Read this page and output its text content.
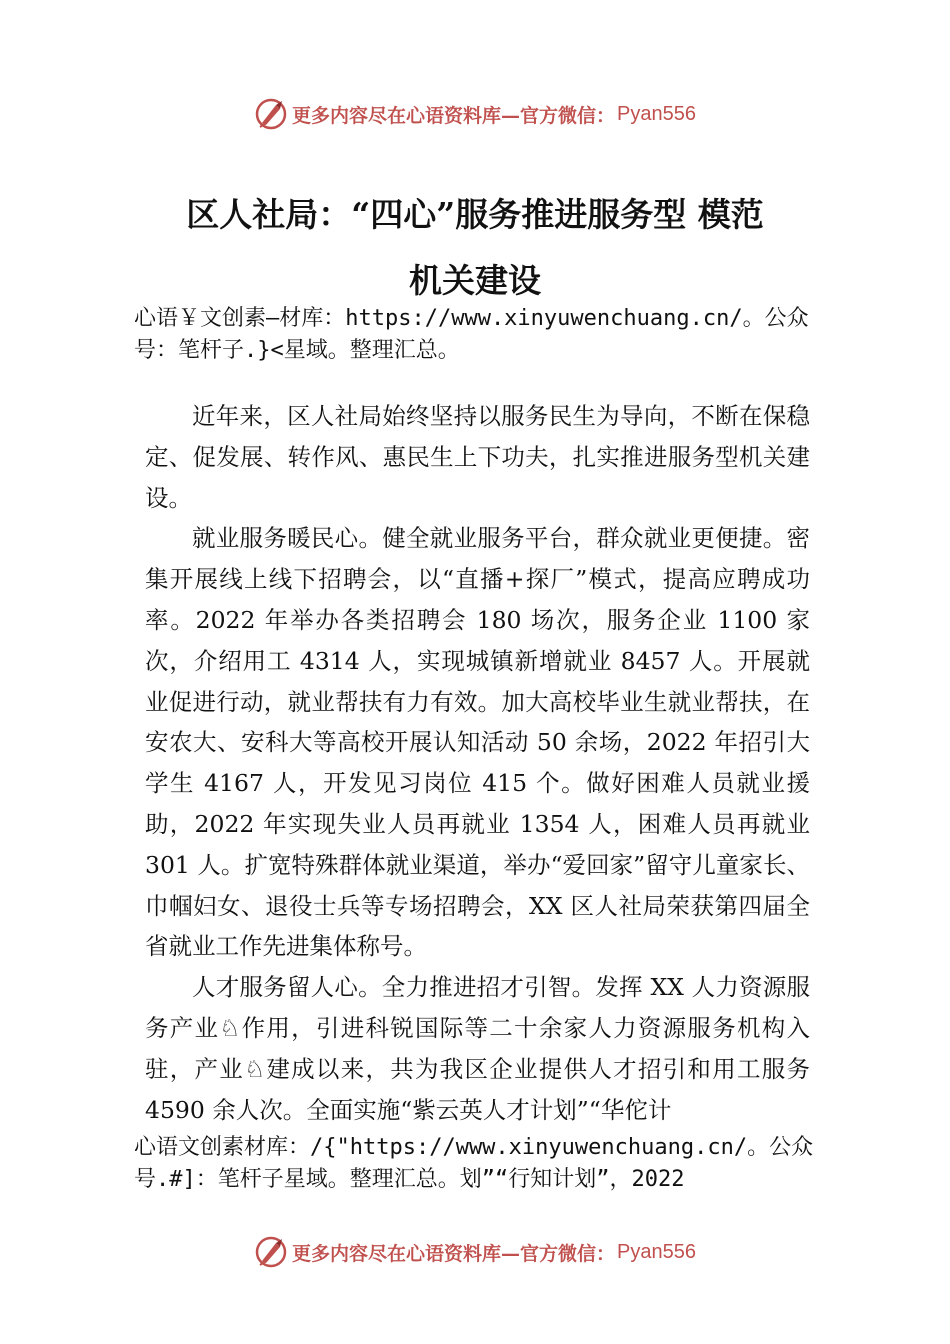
更多内容尽在心语资料库—官方微信： Pyan556
区人社局：“四心”服务推进服务型 模范
机关建设
心语￥文创素—材库：https://www.xinyuwenchuang.cn/。公众号：笔杆子.}<星域。整理汇总。

近年来，区人社局始终坚持以服务民生为导向，不断在保稳定、促发展、转作风、惠民生上下功夫，扎实推进服务型机关建设。

就业服务暖民心。健全就业服务平台，群众就业更便捷。密集开展线上线下招聘会，以“直播+探厂”模式，提高应聘成功率。2022 年举办各类招聘会 180 场次，服务企业 1100 家次，介绍用工 4314 人，实现城镇新增就业 8457 人。开展就业促进行动，就业帮扶有力有效。加大高校毕业生就业帮扶，在安农大、安科大等高校开展认知活动 50 余场，2022 年招引大学生 4167 人，开发见习岗位 415 个。做好困难人员就业援助，2022 年实现失业人员再就业 1354 人，困难人员再就业 301 人。扩宽特殊群体就业渠道，举办“爱回家”留守儿童家长、巾帼妇女、退役士兵等专场招聘会，XX 区人社局荣获第四届全省就业工作先进集体称号。

人才服务留人心。全力推进招才引智。发挥 XX 人力资源服务产业♘作用，引进科锐国际等二十余家人力资源服务机构入驻，产业♘建成以来，共为我区企业提供人才招引和用工服务 4590 余人次。全面实施“紫云英人才计划”“华佗计

心语文创素材库：/{"https://www.xinyuwenchuang.cn/。公众号.#]：笔杆子星域。整理汇总。划”“行知计划”，2022
更多内容尽在心语资料库—官方微信： Pyan556
